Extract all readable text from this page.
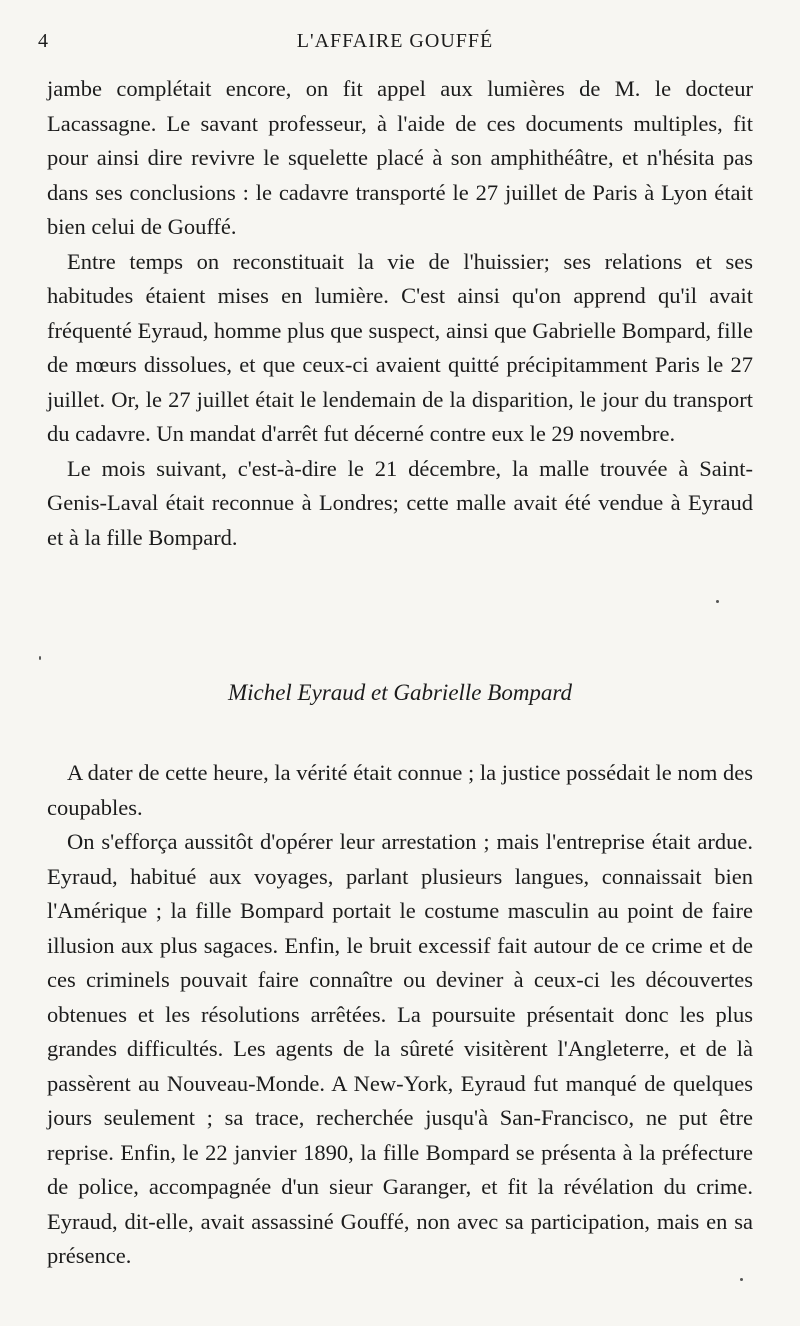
4	L'AFFAIRE GOUFFÉ

jambe complétait encore, on fit appel aux lumières de M. le docteur Lacassagne. Le savant professeur, à l'aide de ces documents multiples, fit pour ainsi dire revivre le squelette placé à son amphithéâtre, et n'hésita pas dans ses conclusions : le cadavre transporté le 27 juillet de Paris à Lyon était bien celui de Gouffé.

Entre temps on reconstituait la vie de l'huissier; ses relations et ses habitudes étaient mises en lumière. C'est ainsi qu'on apprend qu'il avait fréquenté Eyraud, homme plus que suspect, ainsi que Gabrielle Bompard, fille de mœurs dissolues, et que ceux-ci avaient quitté précipitamment Paris le 27 juillet. Or, le 27 juillet était le lendemain de la disparition, le jour du transport du cadavre. Un mandat d'arrêt fut décerné contre eux le 29 novembre.

Le mois suivant, c'est-à-dire le 21 décembre, la malle trouvée à Saint-Genis-Laval était reconnue à Londres; cette malle avait été vendue à Eyraud et à la fille Bompard.

Michel Eyraud et Gabrielle Bompard

A dater de cette heure, la vérité était connue ; la justice possédait le nom des coupables.

On s'efforça aussitôt d'opérer leur arrestation ; mais l'entreprise était ardue. Eyraud, habitué aux voyages, parlant plusieurs langues, connaissait bien l'Amérique ; la fille Bompard portait le costume masculin au point de faire illusion aux plus sagaces. Enfin, le bruit excessif fait autour de ce crime et de ces criminels pouvait faire connaître ou deviner à ceux-ci les découvertes obtenues et les résolutions arrêtées. La poursuite présentait donc les plus grandes difficultés. Les agents de la sûreté visitèrent l'Angleterre, et de là passèrent au Nouveau-Monde. A New-York, Eyraud fut manqué de quelques jours seulement ; sa trace, recherchée jusqu'à San-Francisco, ne put être reprise. Enfin, le 22 janvier 1890, la fille Bompard se présenta à la préfecture de police, accompagnée d'un sieur Garanger, et fit la révélation du crime. Eyraud, dit-elle, avait assassiné Gouffé, non avec sa participation, mais en sa présence.
